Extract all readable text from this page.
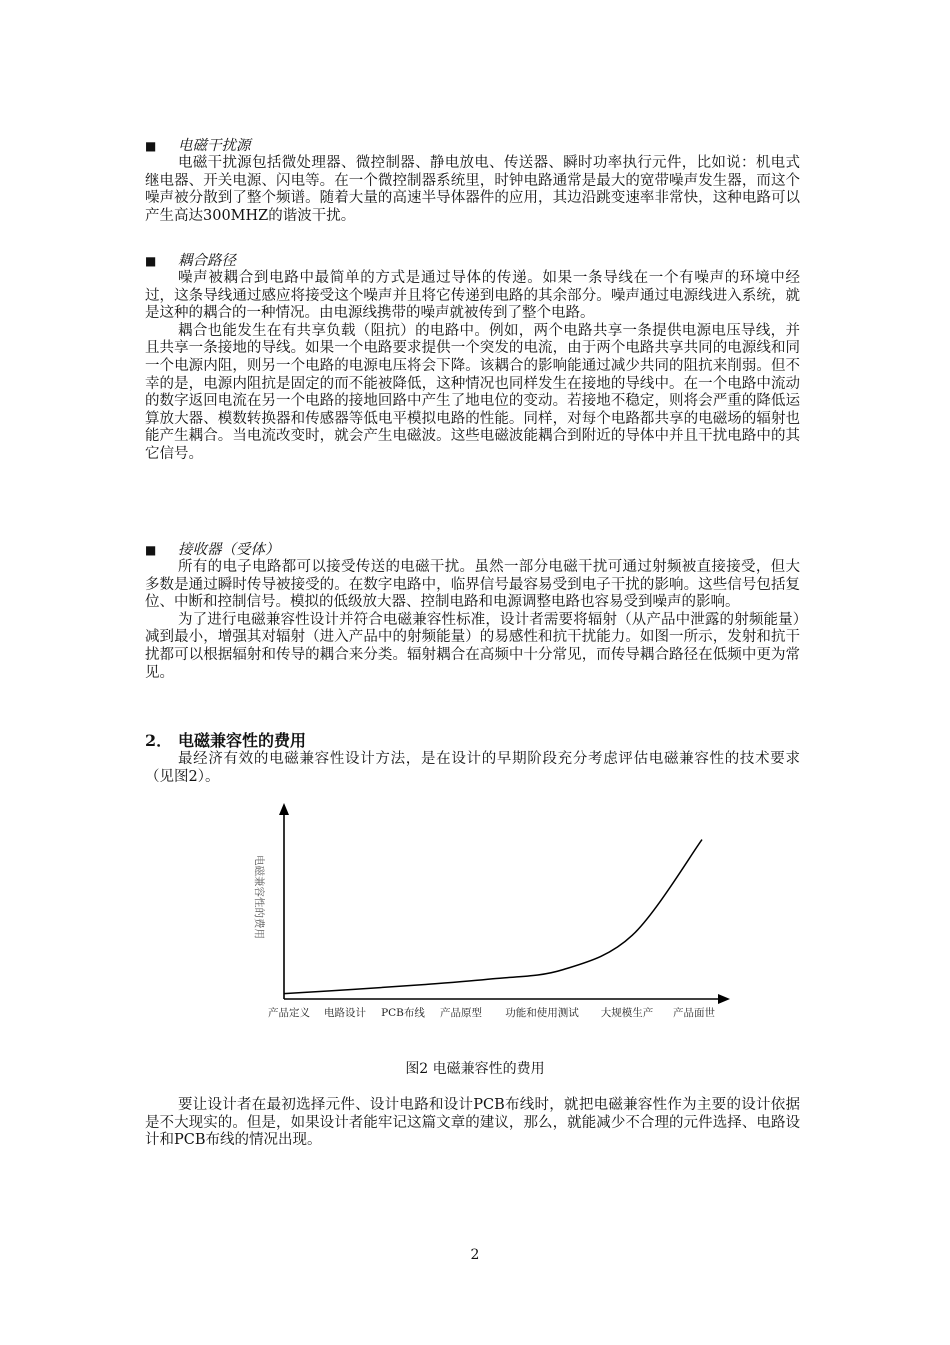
■ 电磁干扰源

电磁干扰源包括微处理器、微控制器、静电放电、传送器、瞬时功率执行元件，比如说：机电式继电器、开关电源、闪电等。在一个微控制器系统里，时钟电路通常是最大的宽带噪声发生器，而这个噪声被分散到了整个频谱。随着大量的高速半导体器件的应用，其边沿跳变速率非常快，这种电路可以产生高达300MHZ的谐波干扰。

■ 耦合路径

噪声被耦合到电路中最简单的方式是通过导体的传递。如果一条导线在一个有噪声的环境中经过，这条导线通过感应将接受这个噪声并且将它传递到电路的其余部分。噪声通过电源线进入系统，就是这种的耦合的一种情况。由电源线携带的噪声就被传到了整个电路。

耦合也能发生在有共享负载（阻抗）的电路中。例如，两个电路共享一条提供电源电压导线，并且共享一条接地的导线。如果一个电路要求提供一个突发的电流，由于两个电路共享共同的电源线和同一个电源内阻，则另一个电路的电源电压将会下降。该耦合的影响能通过减少共同的阻抗来削弱。但不幸的是，电源内阻抗是固定的而不能被降低，这种情况也同样发生在接地的导线中。在一个电路中流动的数字返回电流在另一个电路的接地回路中产生了地电位的变动。若接地不稳定，则将会严重的降低运算放大器、模数转换器和传感器等低电平模拟电路的性能。同样，对每个电路都共享的电磁场的辐射也能产生耦合。当电流改变时，就会产生电磁波。这些电磁波能耦合到附近的导体中并且干扰电路中的其它信号。

■ 接收器（受体）

所有的电子电路都可以接受传送的电磁干扰。虽然一部分电磁干扰可通过射频被直接接受，但大多数是通过瞬时传导被接受的。在数字电路中，临界信号最容易受到电子干扰的影响。这些信号包括复位、中断和控制信号。模拟的低级放大器、控制电路和电源调整电路也容易受到噪声的影响。

为了进行电磁兼容性设计并符合电磁兼容性标准，设计者需要将辐射（从产品中泄露的射频能量）减到最小，增强其对辐射（进入产品中的射频能量）的易感性和抗干扰能力。如图一所示，发射和抗干扰都可以根据辐射和传导的耦合来分类。辐射耦合在高频中十分常见，而传导耦合路径在低频中更为常见。

2． 电磁兼容性的费用

最经济有效的电磁兼容性设计方法，是在设计的早期阶段充分考虑评估电磁兼容性的技术要求（见图2）。

电磁兼容性的费用
产品定义 电路设计 PCB布线 产品原型 功能和使用测试 大规模生产 产品面世
图2 电磁兼容性的费用

要让设计者在最初选择元件、设计电路和设计PCB布线时，就把电磁兼容性作为主要的设计依据是不大现实的。但是，如果设计者能牢记这篇文章的建议，那么，就能减少不合理的元件选择、电路设计和PCB布线的情况出现。

2
